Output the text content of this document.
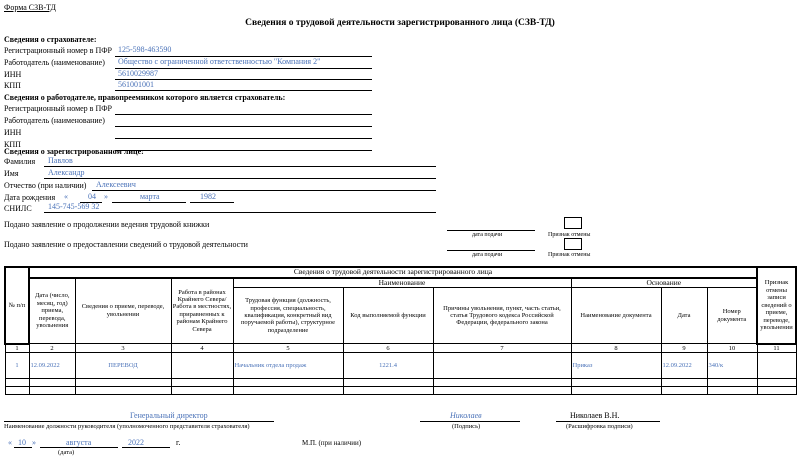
Форма СЗВ-ТД
Сведения о трудовой деятельности зарегистрированного лица (СЗВ-ТД)
Сведения о страхователе:
Регистрационный номер в ПФР 125-598-463590
Работодатель (наименование) Общество с ограниченной ответственностью "Компания 2"
ИНН	5610029987
КПП	561001001
Сведения о работодателе, правопреемником которого является страхователь:
Регистрационный номер в ПФР
Работодатель (наименование)
ИНН
КПП
Сведения о зарегистрированном лице:
Фамилия Павлов
Имя	Александр
Отчество (при наличии) Алексеевич
Дата рождения «	04 »	марта	1982
СНИЛС 145-745-569 32
Подано заявление о продолжении ведения трудовой книжки
дата подачи	Признак отмены
Подано заявление о предоставлении сведений о трудовой деятельности
дата подачи	Признак отмены
№ п/п	Сведения о трудовой деятельности зарегистрированного лица									Признак отмены записи сведений о приеме, переводе, увольнении
	Дата (число, месяц, год) приема, перевода, увольнения	Сведения о приеме, переводе, увольнении	Работа в районах Крайнего Севера/Работа в местностях, приравненных к районам Крайнего Севера	Наименование			Основание			
				Трудовая функция (должность, профессия, специальность, квалификация, конкретный вид поручаемой работы), структурное подразделение	Код выполняемой функции	Причины увольнения, пункт, часть статьи, статья Трудового кодекса Российской Федерации, федерального закона	Наименование документа	Дата	Номер документа	
1	2	3	4	5	6	7	8	9	10	11
1	12.09.2022	ПЕРЕВОД		Начальник отдела продаж	1221.4		Приказ	12.09.2022	340/к	

Генеральный директор
Наименование должности руководителя (уполномоченного представителя страхователя)
Николаев
(Подпись)
Николаев В.Н.
(Расшифровка подписи)
« 10 »	августа	2022	г.
(дата)
М.П. (при наличии)
